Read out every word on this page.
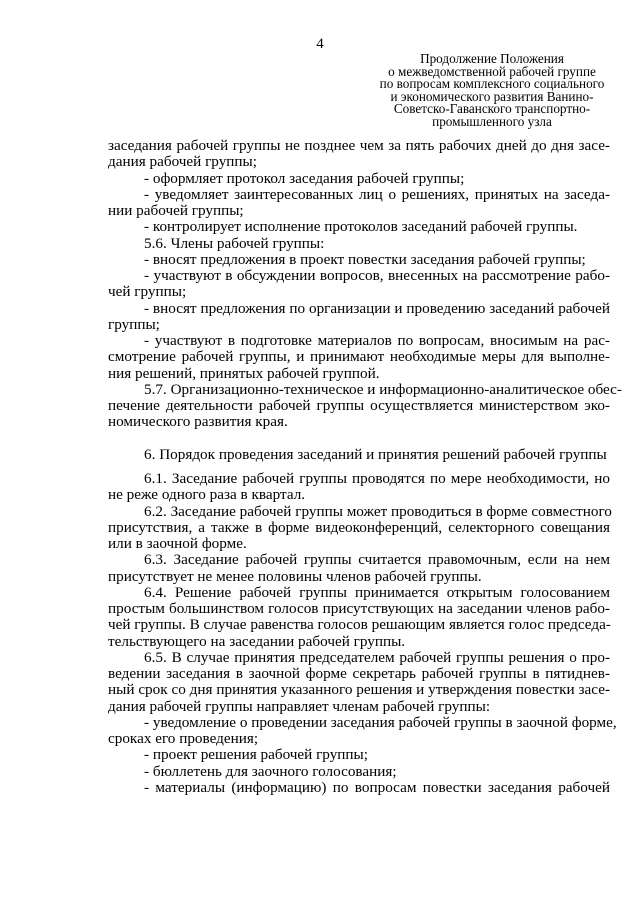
4
Продолжение Положения
о межведомственной рабочей группе
по вопросам комплексного социального
и экономического развития Ванино-
Советско-Гаванского транспортно-
промышленного узла
заседания рабочей группы не позднее чем за пять рабочих дней до дня засе-
дания рабочей группы;
- оформляет протокол заседания рабочей группы;
- уведомляет заинтересованных лиц о решениях, принятых на заседа-
нии рабочей группы;
- контролирует исполнение протоколов заседаний рабочей группы.
5.6. Члены рабочей группы:
- вносят предложения в проект повестки заседания рабочей группы;
- участвуют в обсуждении вопросов, внесенных на рассмотрение рабо-
чей группы;
- вносят предложения по организации и проведению заседаний рабочей
группы;
- участвуют в подготовке материалов по вопросам, вносимым на рас-
смотрение рабочей группы, и принимают необходимые меры для выполне-
ния решений, принятых рабочей группой.
5.7. Организационно-техническое и информационно-аналитическое обес-
печение деятельности рабочей группы осуществляется министерством эко-
номического развития края.
6. Порядок проведения заседаний и принятия решений рабочей группы
6.1. Заседание рабочей группы проводятся по мере необходимости, но
не реже одного раза в квартал.
6.2. Заседание рабочей группы может проводиться в форме совместного
присутствия, а также в форме видеоконференций, селекторного совещания
или в заочной форме.
6.3. Заседание рабочей группы считается правомочным, если на нем
присутствует не менее половины членов рабочей группы.
6.4. Решение рабочей группы принимается открытым голосованием
простым большинством голосов присутствующих на заседании членов рабо-
чей группы. В случае равенства голосов решающим является голос председа-
тельствующего на заседании рабочей группы.
6.5. В случае принятия председателем рабочей группы решения о про-
ведении заседания в заочной форме секретарь рабочей группы в пятиднев-
ный срок со дня принятия указанного решения и утверждения повестки засе-
дания рабочей группы направляет членам рабочей группы:
- уведомление о проведении заседания рабочей группы в заочной форме,
сроках его проведения;
- проект решения рабочей группы;
- бюллетень для заочного голосования;
- материалы (информацию) по вопросам повестки заседания рабочей
